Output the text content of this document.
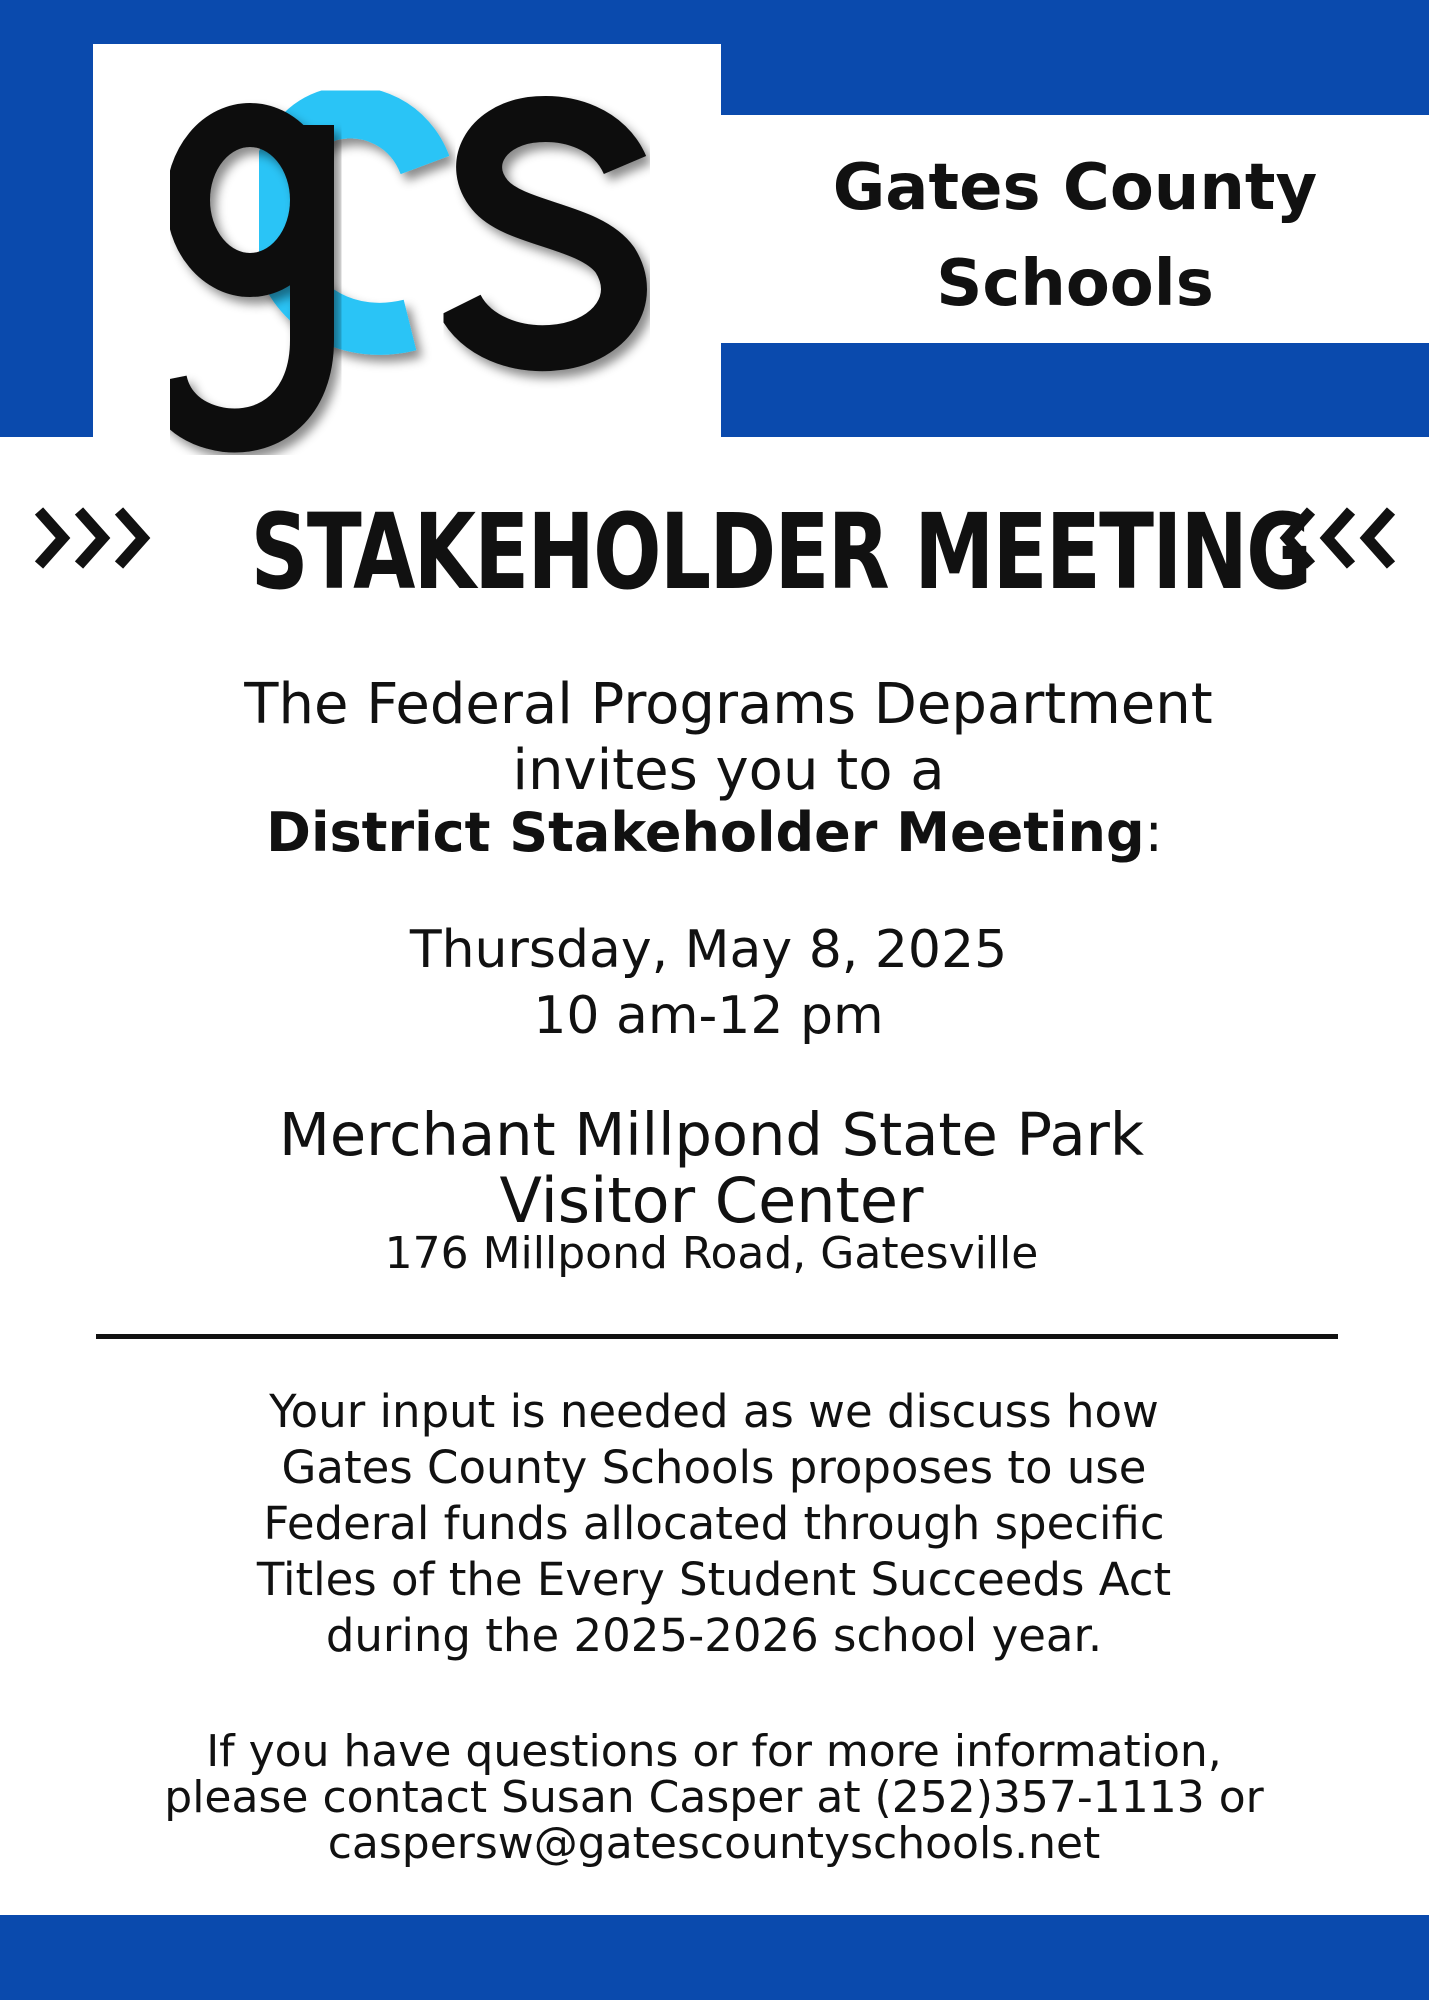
Gates County
Schools
STAKEHOLDER MEETING
The Federal Programs Department
invites you to a
District Stakeholder Meeting:
Thursday, May 8, 2025
10 am-12 pm
Merchant Millpond State Park
Visitor Center
176 Millpond Road, Gatesville
Your input is needed as we discuss how
Gates County Schools proposes to use
Federal funds allocated through specific
Titles of the Every Student Succeeds Act
during the 2025-2026 school year.
If you have questions or for more information,
please contact Susan Casper at (252)357-1113 or
caspersw@gatescountyschools.net
